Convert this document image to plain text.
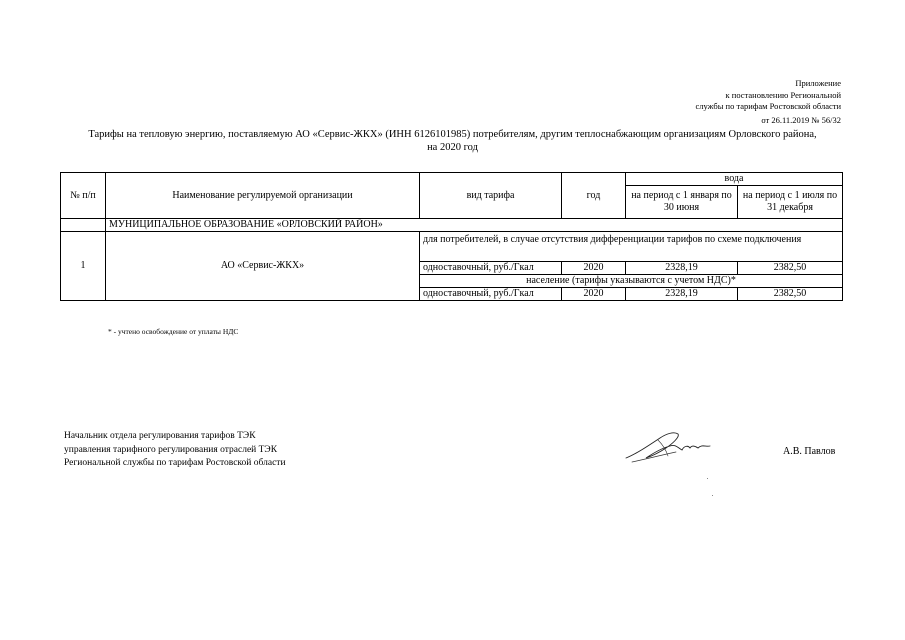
Приложение
к постановлению Региональной
службы по тарифам Ростовской области
от 26.11.2019 № 56/32
Тарифы на тепловую энергию, поставляемую АО «Сервис-ЖКХ» (ИНН 6126101985) потребителям, другим теплоснабжающим организациям Орловского района,
на 2020 год
№ п/п	Наименование регулируемой организации	вид тарифа	год	вода	
				на период с 1 января по 30 июня	на период с 1 июля по 31 декабря
	МУНИЦИПАЛЬНОЕ ОБРАЗОВАНИЕ «ОРЛОВСКИЙ РАЙОН»				
1	АО «Сервис-ЖКХ»	для потребителей, в случае отсутствия дифференциации тарифов по схеме подключения			
		одноставочный, руб./Гкал	2020	2328,19	2382,50
		население (тарифы указываются с учетом НДС)*			
		одноставочный, руб./Гкал	2020	2328,19	2382,50
* - учтено освобождение от уплаты НДС
Начальник отдела регулирования тарифов ТЭК
управления тарифного регулирования отраслей ТЭК
Региональной службы по тарифам Ростовской области
А.В. Павлов
